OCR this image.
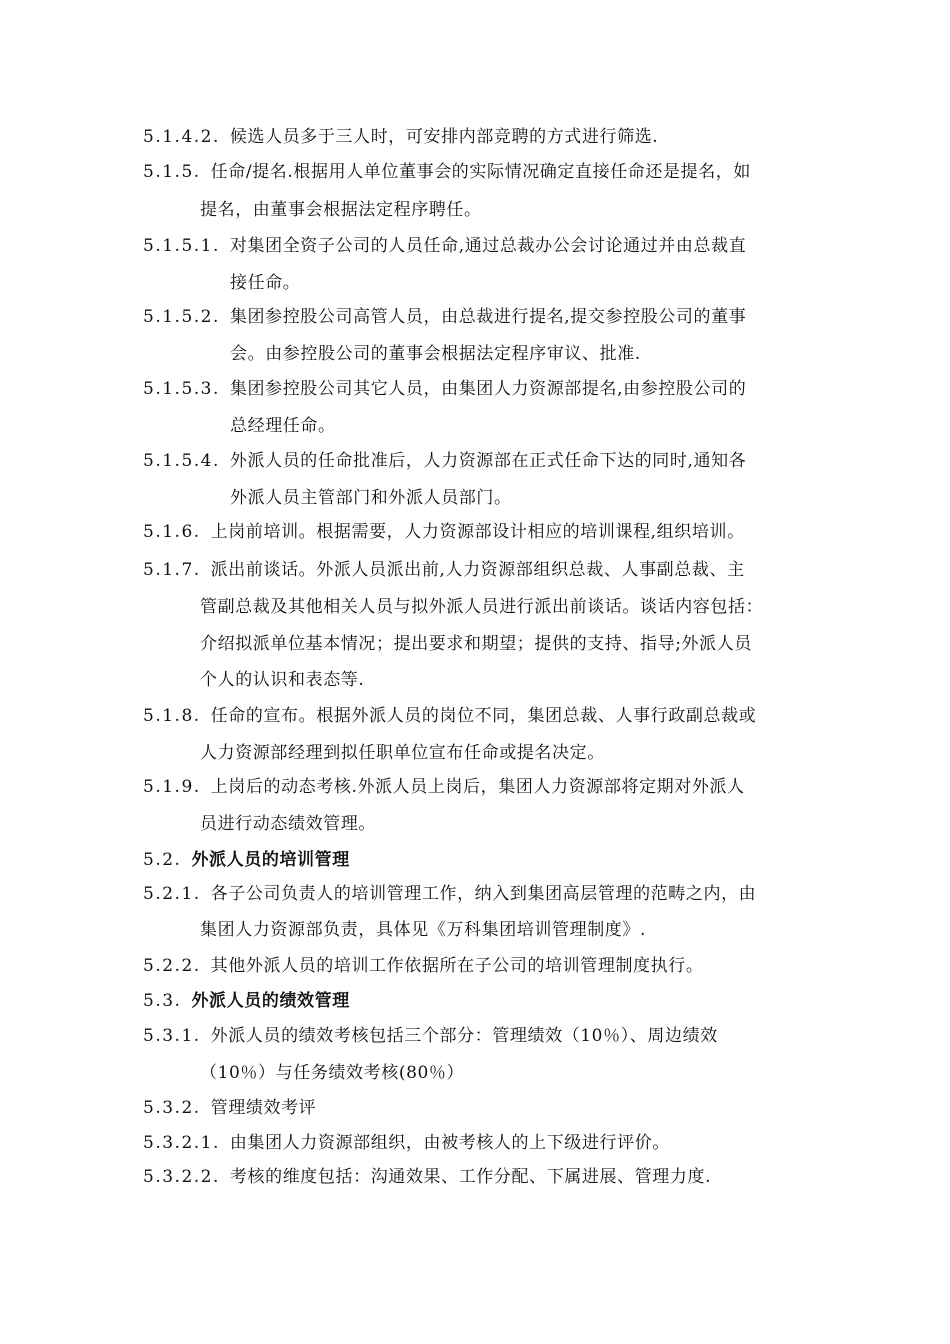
5.1.4.2. 候选人员多于三人时，可安排内部竞聘的方式进行筛选.
5.1.5. 任命/提名.根据用人单位董事会的实际情况确定直接任命还是提名，如
提名，由董事会根据法定程序聘任。
5.1.5.1. 对集团全资子公司的人员任命,通过总裁办公会讨论通过并由总裁直
接任命。
5.1.5.2. 集团参控股公司高管人员，由总裁进行提名,提交参控股公司的董事
会。由参控股公司的董事会根据法定程序审议、批准.
5.1.5.3. 集团参控股公司其它人员，由集团人力资源部提名,由参控股公司的
总经理任命。
5.1.5.4. 外派人员的任命批准后，人力资源部在正式任命下达的同时,通知各
外派人员主管部门和外派人员部门。
5.1.6. 上岗前培训。根据需要，人力资源部设计相应的培训课程,组织培训。
5.1.7. 派出前谈话。外派人员派出前,人力资源部组织总裁、人事副总裁、主
管副总裁及其他相关人员与拟外派人员进行派出前谈话。谈话内容包括：
介绍拟派单位基本情况；提出要求和期望；提供的支持、指导;外派人员
个人的认识和表态等.
5.1.8. 任命的宣布。根据外派人员的岗位不同，集团总裁、人事行政副总裁或
人力资源部经理到拟任职单位宣布任命或提名决定。
5.1.9. 上岗后的动态考核.外派人员上岗后，集团人力资源部将定期对外派人
员进行动态绩效管理。
5.2. 外派人员的培训管理
5.2.1. 各子公司负责人的培训管理工作，纳入到集团高层管理的范畴之内，由
集团人力资源部负责，具体见《万科集团培训管理制度》.
5.2.2. 其他外派人员的培训工作依据所在子公司的培训管理制度执行。
5.3. 外派人员的绩效管理
5.3.1. 外派人员的绩效考核包括三个部分：管理绩效（10％）、周边绩效
（10％）与任务绩效考核(80％）
5.3.2. 管理绩效考评
5.3.2.1. 由集团人力资源部组织，由被考核人的上下级进行评价。
5.3.2.2. 考核的维度包括：沟通效果、工作分配、下属进展、管理力度.
